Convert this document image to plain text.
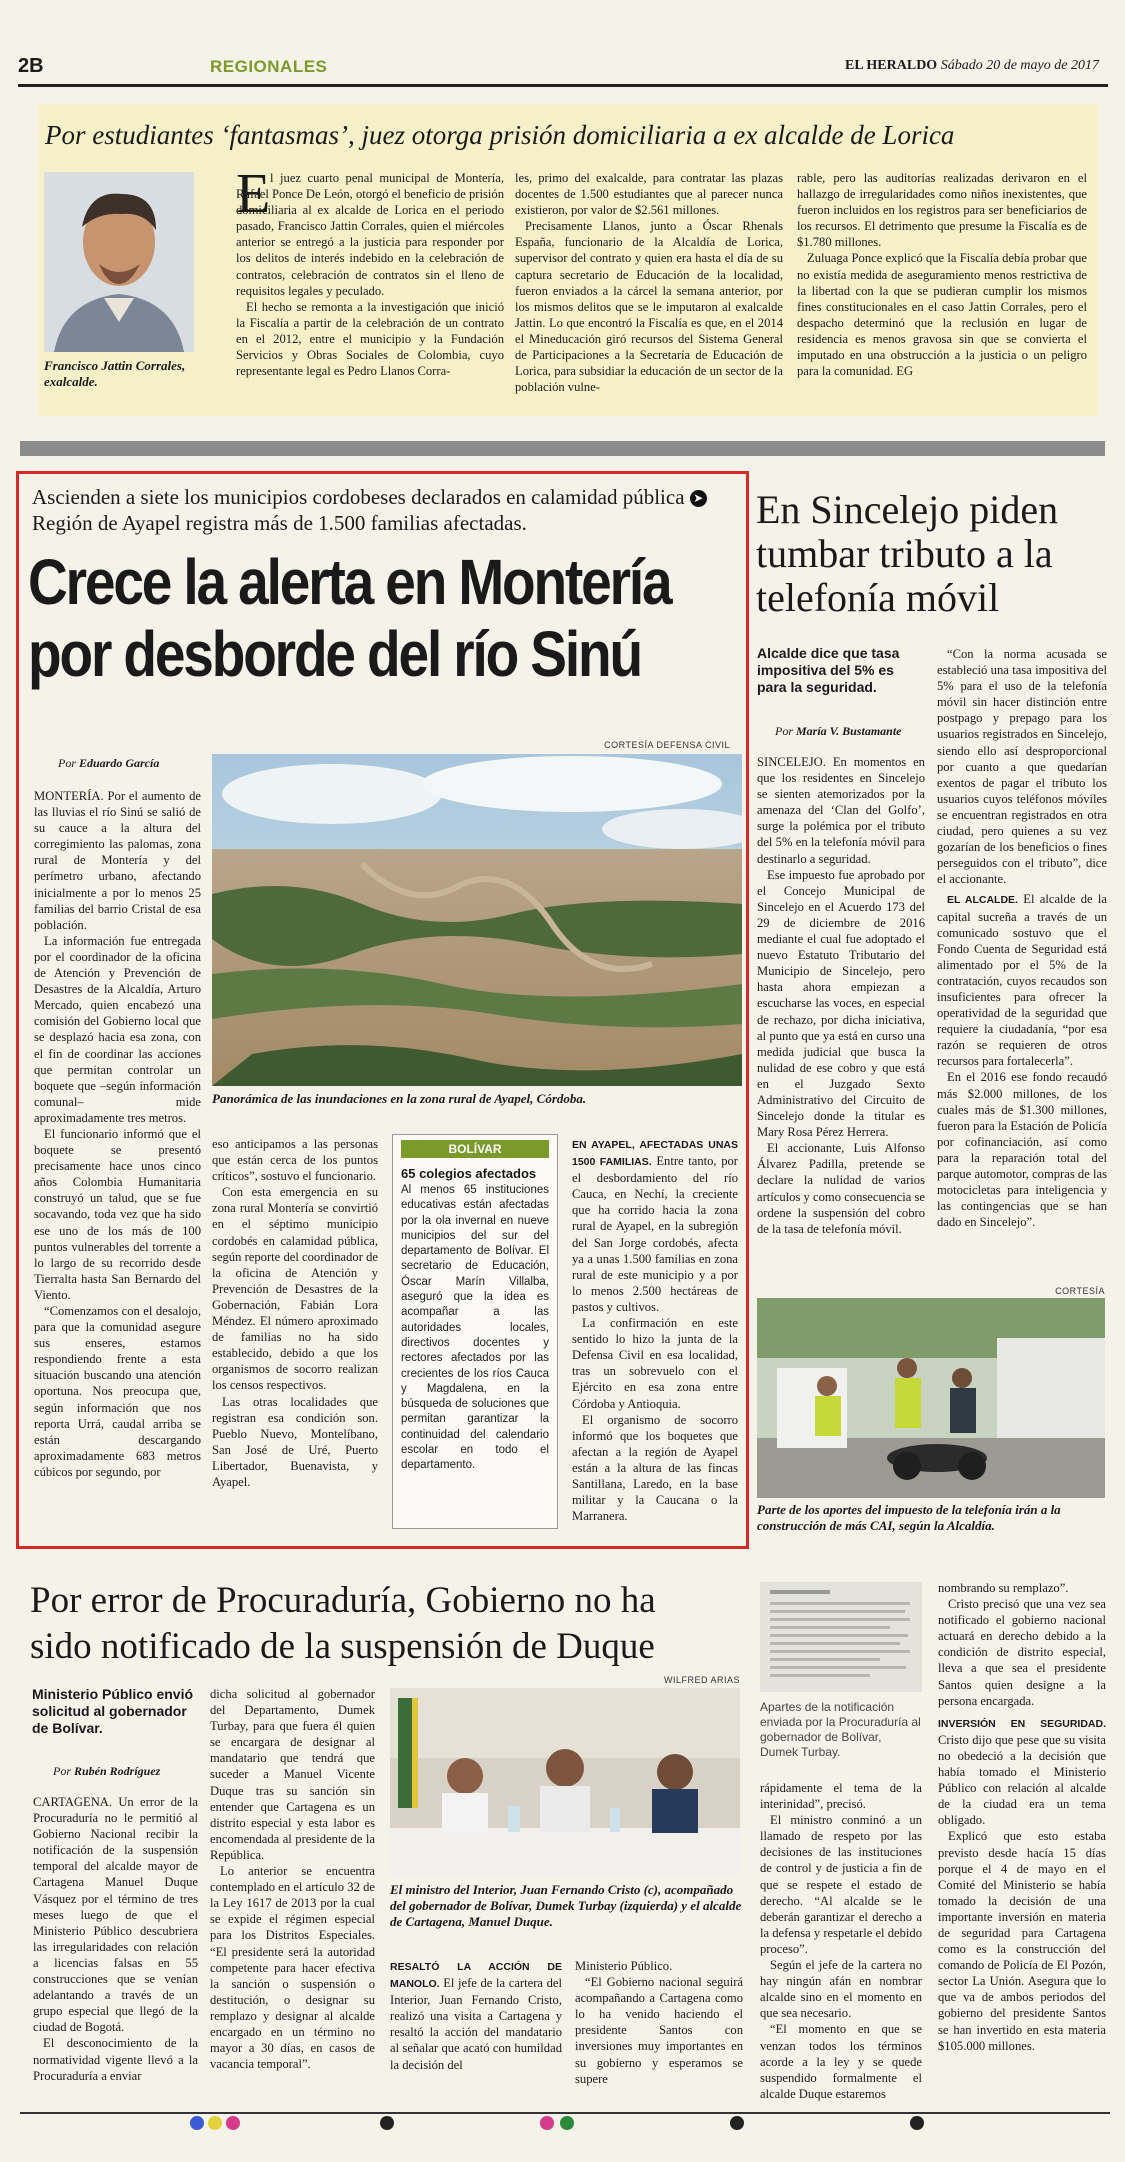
2B	REGIONALES	EL HERALDO Sábado 20 de mayo de 2017
Por estudiantes ‘fantasmas’, juez otorga prisión domiciliaria a ex alcalde de Lorica
Francisco Jattin Corrales, exalcalde.
E l juez cuarto penal municipal de Montería, Rafael Ponce De León, otorgó el beneficio de prisión domiciliaria al ex alcalde de Lorica en el periodo pasado, Francisco Jattin Corrales, quien el miércoles anterior se entregó a la justicia para responder por los delitos de interés indebido en la celebración de contratos, celebración de contratos sin el lleno de requisitos legales y peculado.

El hecho se remonta a la investigación que inició la Fiscalía a partir de la celebración de un contrato en el 2012, entre el municipio y la Fundación Servicios y Obras Sociales de Colombia, cuyo representante legal es Pedro Llanos Corra-

les, primo del exalcalde, para contratar las plazas docentes de 1.500 estudiantes que al parecer nunca existieron, por valor de $2.561 millones.

Precisamente Llanos, junto a Óscar Rhenals España, funcionario de la Alcaldía de Lorica, supervisor del contrato y quien era hasta el día de su captura secretario de Educación de la localidad, fueron enviados a la cárcel la semana anterior, por los mismos delitos que se le imputaron al exalcalde Jattin. Lo que encontró la Fiscalía es que, en el 2014 el Mineducación giró recursos del Sistema General de Participaciones a la Secretaría de Educación de Lorica, para subsidiar la educación de un sector de la población vulne-

rable, pero las auditorías realizadas derivaron en el hallazgo de irregularidades como niños inexistentes, que fueron incluidos en los registros para ser beneficiarios de los recursos. El detrimento que presume la Fiscalía es de $1.780 millones.

Zuluaga Ponce explicó que la Fiscalía debía probar que no existía medida de aseguramiento menos restrictiva de la libertad con la que se pudieran cumplir los mismos fines constitucionales en el caso Jattin Corrales, pero el despacho determinó que la reclusión en lugar de residencia es menos gravosa sin que se convierta el imputado en una obstrucción a la justicia o un peligro para la comunidad. EG

Ascienden a siete los municipios cordobeses declarados en calamidad pública ➤ Región de Ayapel registra más de 1.500 familias afectadas.
Crece la alerta en Montería
por desborde del río Sinú
CORTESÍA DEFENSA CIVIL
Panorámica de las inundaciones en la zona rural de Ayapel, Córdoba.
Por Eduardo García

MONTERÍA. Por el aumento de las lluvias el río Sinú se salió de su cauce a la altura del corregimiento las palomas, zona rural de Montería y del perímetro urbano, afectando inicialmente a por lo menos 25 familias del barrio Cristal de esa población.

La información fue entregada por el coordinador de la oficina de Atención y Prevención de Desastres de la Alcaldía, Arturo Mercado, quien encabezó una comisión del Gobierno local que se desplazó hacia esa zona, con el fin de coordinar las acciones que permitan controlar un boquete que –según información comunal– mide aproximadamente tres metros.

El funcionario informó que el boquete se presentó precisamente hace unos cinco años Colombia Humanitaria construyó un talud, que se fue socavando, toda vez que ha sido ese uno de los más de 100 puntos vulnerables del torrente a lo largo de su recorrido desde Tierralta hasta San Bernardo del Viento.

“Comenzamos con el desalojo, para que la comunidad asegure sus enseres, estamos respondiendo frente a esta situación buscando una atención oportuna. Nos preocupa que, según información que nos reporta Urrá, caudal arriba se están descargando aproximadamente 683 metros cúbicos por segundo, por

eso anticipamos a las personas que están cerca de los puntos críticos”, sostuvo el funcionario.

Con esta emergencia en su zona rural Montería se convirtió en el séptimo municipio cordobés en calamidad pública, según reporte del coordinador de la oficina de Atención y Prevención de Desastres de la Gobernación, Fabián Lora Méndez. El número aproximado de familias no ha sido establecido, debido a que los organismos de socorro realizan los censos respectivos.

Las otras localidades que registran esa condición son. Pueblo Nuevo, Montelíbano, San José de Uré, Puerto Libertador, Buenavista, y Ayapel.

BOLÍVAR
65 colegios afectados
Al menos 65 instituciones educativas están afectadas por la ola invernal en nueve municipios del sur del departamento de Bolívar. El secretario de Educación, Óscar Marín Villalba, aseguró que la idea es acompañar a las autoridades locales, directivos docentes y rectores afectados por las crecientes de los ríos Cauca y Magdalena, en la búsqueda de soluciones que permitan garantizar la continuidad del calendario escolar en todo el departamento.

EN AYAPEL, AFECTADAS UNAS 1500 FAMILIAS. Entre tanto, por el desbordamiento del río Cauca, en Nechí, la creciente que ha corrido hacia la zona rural de Ayapel, en la subregión del San Jorge cordobés, afecta ya a unas 1.500 familias en zona rural de este municipio y a por lo menos 2.500 hectáreas de pastos y cultivos.

La confirmación en este sentido lo hizo la junta de la Defensa Civil en esa localidad, tras un sobrevuelo con el Ejército en esa zona entre Córdoba y Antioquia.

El organismo de socorro informó que los boquetes que afectan a la región de Ayapel están a la altura de las fincas Santillana, Laredo, en la base militar y la Caucana o la Marranera.

En Sincelejo piden tumbar tributo a la telefonía móvil
Alcalde dice que tasa impositiva del 5% es para la seguridad.
Por María V. Bustamante

SINCELEJO. En momentos en que los residentes en Sincelejo se sienten atemorizados por la amenaza del ‘Clan del Golfo’, surge la polémica por el tributo del 5% en la telefonía móvil para destinarlo a seguridad.

Ese impuesto fue aprobado por el Concejo Municipal de Sincelejo en el Acuerdo 173 del 29 de diciembre de 2016 mediante el cual fue adoptado el nuevo Estatuto Tributario del Municipio de Sincelejo, pero hasta ahora empiezan a escucharse las voces, en especial de rechazo, por dicha iniciativa, al punto que ya está en curso una medida judicial que busca la nulidad de ese cobro y que está en el Juzgado Sexto Administrativo del Circuito de Sincelejo donde la titular es Mary Rosa Pérez Herrera.

El accionante, Luis Alfonso Álvarez Padilla, pretende se declare la nulidad de varios artículos y como consecuencia se ordene la suspensión del cobro de la tasa de telefonía móvil.

“Con la norma acusada se estableció una tasa impositiva del 5% para el uso de la telefonía móvil sin hacer distinción entre postpago y prepago para los usuarios registrados en Sincelejo, siendo ello así desproporcional por cuanto a que quedarían exentos de pagar el tributo los usuarios cuyos teléfonos móviles se encuentran registrados en otra ciudad, pero quienes a su vez gozarían de los beneficios o fines perseguidos con el tributo”, dice el accionante.

EL ALCALDE. El alcalde de la capital sucreña a través de un comunicado sostuvo que el Fondo Cuenta de Seguridad está alimentado por el 5% de la contratación, cuyos recaudos son insuficientes para ofrecer la operatividad de la seguridad que requiere la ciudadanía, “por esa razón se requieren de otros recursos para fortalecerla”.

En el 2016 ese fondo recaudó más $2.000 millones, de los cuales más de $1.300 millones, fueron para la Estación de Policía por cofinanciación, así como para la reparación total del parque automotor, compras de las motocicletas para inteligencia y las contingencias que se han dado en Sincelejo”.

CORTESÍA
Parte de los aportes del impuesto de la telefonía irán a la construcción de más CAI, según la Alcaldía.
Por error de Procuraduría, Gobierno no ha
sido notificado de la suspensión de Duque
Ministerio Público envió solicitud al gobernador de Bolívar.
Por Rubén Rodríguez

CARTAGENA. Un error de la Procuraduría no le permitió al Gobierno Nacional recibir la notificación de la suspensión temporal del alcalde mayor de Cartagena Manuel Duque Vásquez por el término de tres meses luego de que el Ministerio Público descubriera las irregularidades con relación a licencias falsas en 55 construcciones que se venían adelantando a través de un grupo especial que llegó de la ciudad de Bogotá.

El desconocimiento de la normatividad vigente llevó a la Procuraduría a enviar

dicha solicitud al gobernador del Departamento, Dumek Turbay, para que fuera él quien se encargara de designar al mandatario que tendrá que suceder a Manuel Vicente Duque tras su sanción sin entender que Cartagena es un distrito especial y esta labor es encomendada al presidente de la República.

Lo anterior se encuentra contemplado en el artículo 32 de la Ley 1617 de 2013 por la cual se expide el régimen especial para los Distritos Especiales. “El presidente será la autoridad competente para hacer efectiva la sanción o suspensión o destitución, o designar su remplazo y designar al alcalde encargado en un término no mayor a 30 días, en casos de vacancia temporal”.

WILFRED ARIAS
El ministro del Interior, Juan Fernando Cristo (c), acompañado del gobernador de Bolívar, Dumek Turbay (izquierda) y el alcalde de Cartagena, Manuel Duque.

RESALTÓ LA ACCIÓN DE MANOLO. El jefe de la cartera del Interior, Juan Fernando Cristo, realizó una visita a Cartagena y resaltó la acción del mandatario al señalar que acató con humildad la decisión del

Ministerio Público.

“El Gobierno nacional seguirá acompañando a Cartagena como lo ha venido haciendo el presidente Santos con inversiones muy importantes en su gobierno y esperamos se supere

Apartes de la notificación enviada por la Procuraduría al gobernador de Bolívar, Dumek Turbay.

rápidamente el tema de la interinidad”, precisó.

El ministro conminó a un llamado de respeto por las decisiones de las instituciones de control y de justicia a fin de que se respete el estado de derecho. “Al alcalde se le deberán garantizar el derecho a la defensa y respetarle el debido proceso”.

Según el jefe de la cartera no hay ningún afán en nombrar alcalde sino en el momento en que sea necesario.

“El momento en que se venzan todos los términos acorde a la ley y se quede suspendido formalmente el alcalde Duque estaremos

nombrando su remplazo”.

Cristo precisó que una vez sea notificado el gobierno nacional actuará en derecho debido a la condición de distrito especial, lleva a que sea el presidente Santos quien designe a la persona encargada.

INVERSIÓN EN SEGURIDAD. Cristo dijo que pese que su visita no obedeció a la decisión que había tomado el Ministerio Público con relación al alcalde de la ciudad era un tema obligado.

Explicó que esto estaba previsto desde hacía 15 días porque el 4 de mayo en el Comité del Ministerio se había tomado la decisión de una importante inversión en materia de seguridad para Cartagena como es la construcción del comando de Policía de El Pozón, sector La Unión. Asegura que lo que va de ambos periodos del gobierno del presidente Santos se han invertido en esta materia $105.000 millones.
